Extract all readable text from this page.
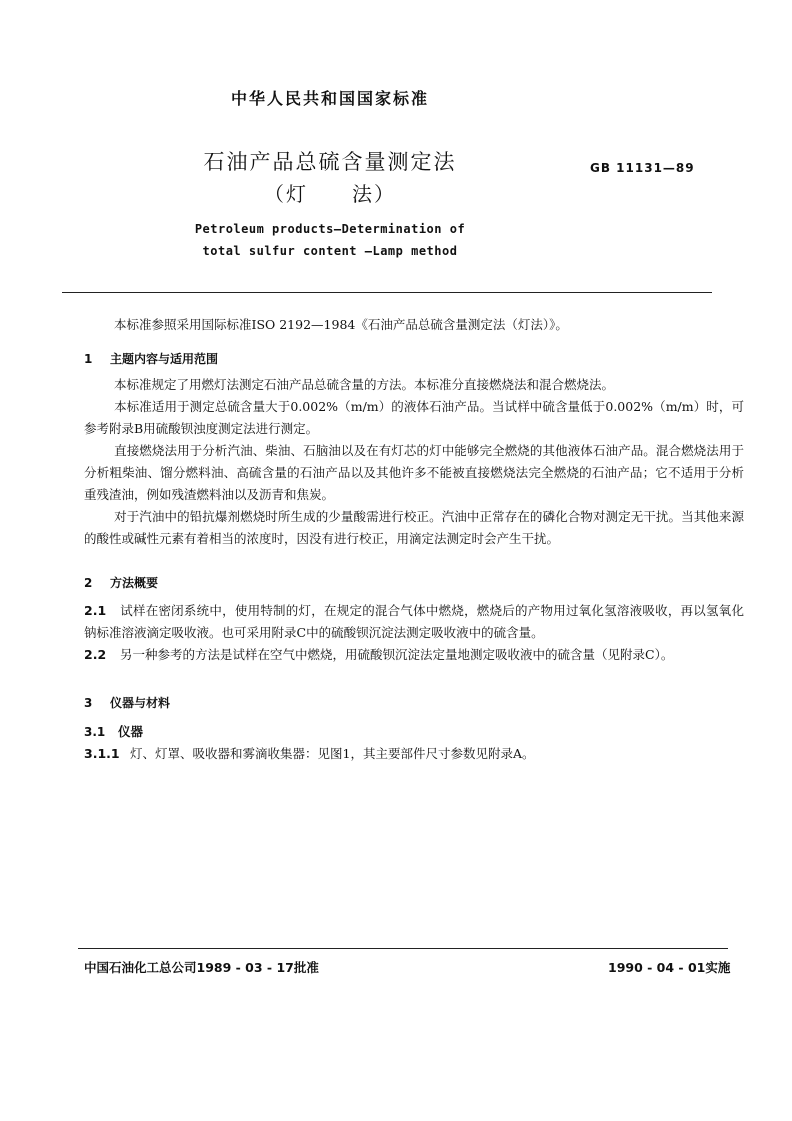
中华人民共和国国家标准
石油产品总硫含量测定法
（灯　　法）
GB 11131—89
Petroleum products—Determination of
total sulfur content —Lamp method
本标准参照采用国际标准ISO 2192—1984《石油产品总硫含量测定法（灯法）》。
1 主题内容与适用范围
本标准规定了用燃灯法测定石油产品总硫含量的方法。本标准分直接燃烧法和混合燃烧法。
本标准适用于测定总硫含量大于0.002%（m/m）的液体石油产品。当试样中硫含量低于0.002%（m/m）时，可参考附录B用硫酸钡浊度测定法进行测定。
直接燃烧法用于分析汽油、柴油、石脑油以及在有灯芯的灯中能够完全燃烧的其他液体石油产品。混合燃烧法用于分析粗柴油、馏分燃料油、高硫含量的石油产品以及其他许多不能被直接燃烧法完全燃烧的石油产品；它不适用于分析重残渣油，例如残渣燃料油以及沥青和焦炭。
对于汽油中的铅抗爆剂燃烧时所生成的少量酸需进行校正。汽油中正常存在的磷化合物对测定无干扰。当其他来源的酸性或碱性元素有着相当的浓度时，因没有进行校正，用滴定法测定时会产生干扰。
2 方法概要
2.1 试样在密闭系统中，使用特制的灯，在规定的混合气体中燃烧，燃烧后的产物用过氧化氢溶液吸收，再以氢氧化钠标准溶液滴定吸收液。也可采用附录C中的硫酸钡沉淀法测定吸收液中的硫含量。
2.2 另一种参考的方法是试样在空气中燃烧，用硫酸钡沉淀法定量地测定吸收液中的硫含量（见附录C）。
3 仪器与材料
3.1 仪器
3.1.1 灯、灯罩、吸收器和雾滴收集器：见图1，其主要部件尺寸参数见附录A。
中国石油化工总公司1989 - 03 - 17批准	1990 - 04 - 01实施
